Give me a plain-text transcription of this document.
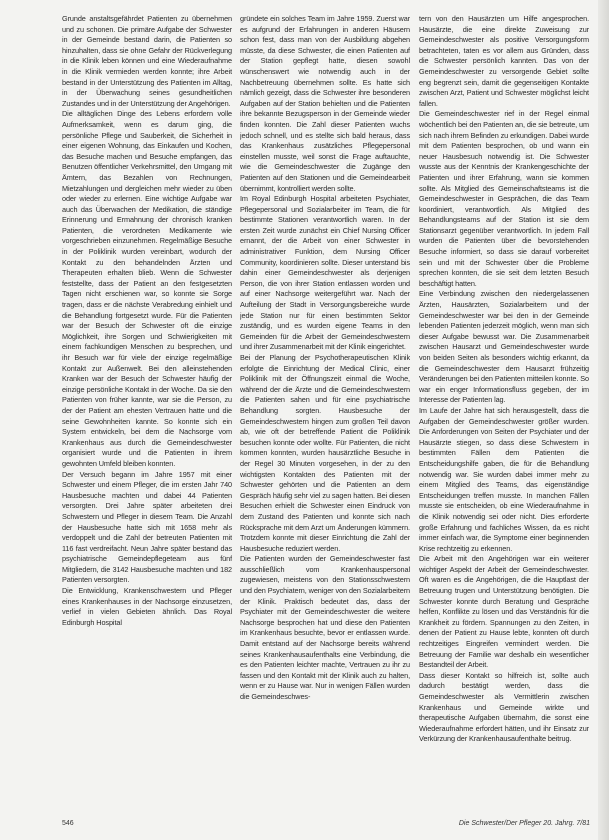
Grunde anstaltsgefährdet Patienten zu übernehmen und zu schonen. Die primäre Aufgabe der Schwester in der Gemeinde bestand darin, die Patienten so hinzuhalten, dass sie ohne Gefahr der Rückverlegung in die Klinik leben können und eine Wiederaufnahme in die Klinik vermieden werden konnte; ihre Arbeit bestand in der Unterstützung des Patienten im Alltag, in der Überwachung seines gesundheitlichen Zustandes und in der Unterstützung der Angehörigen.

Die alltäglichen Dinge des Lebens erfordern volle Aufmerksamkeit, wenn es darum ging, die persönliche Pflege und Sauberkeit, die Sicherheit in einer eigenen Wohnung, das Einkaufen und Kochen, das Besuche machen und Besuche empfangen, das Benutzen öffentlicher Verkehrsmittel, den Umgang mit Ämtern, das Bezahlen von Rechnungen, Mietzahlungen und dergleichen mehr wieder zu üben oder wieder zu erlernen. Eine wichtige Aufgabe war auch das Überwachen der Medikation, die ständige Erinnerung und Ermahnung der chronisch kranken Patienten, die verordneten Medikamente wie vorgeschrieben einzunehmen. Regelmäßige Besuche in der Poliklinik wurden vereinbart, wodurch der Kontakt zu den behandelnden Ärzten und Therapeuten erhalten blieb. Wenn die Schwester feststellte, dass der Patient an den festgesetzten Tagen nicht erschienen war, so konnte sie Sorge tragen, dass er die nächste Verabredung einhielt und die Behandlung fortgesetzt wurde. Für die Patienten war der Besuch der Schwester oft die einzige Möglichkeit, ihre Sorgen und Schwierigkeiten mit einem fachkundigen Menschen zu besprechen, und ihr Besuch war für viele der einzige regelmäßige Kontakt zur Außenwelt. Bei den alleinstehenden Kranken war der Besuch der Schwester häufig der einzige persönliche Kontakt in der Woche. Da sie den Patienten von früher kannte, war sie die Person, zu der der Patient am ehesten Vertrauen hatte und die seine Gewohnheiten kannte. So konnte sich ein System entwickeln, bei dem die Nachsorge vom Krankenhaus aus durch die Gemeindeschwester organisiert wurde und die Patienten in ihrem gewohnten Umfeld bleiben konnten.

Der Versuch begann im Jahre 1957 mit einer Schwester und einem Pfleger, die im ersten Jahr 740 Hausbesuche machten und dabei 44 Patienten versorgten. Drei Jahre später arbeiteten drei Schwestern und Pfleger in diesem Team. Die Anzahl der Hausbesuche hatte sich mit 1658 mehr als verdoppelt und die Zahl der betreuten Patienten mit 116 fast verdreifacht. Neun Jahre später bestand das psychiatrische Gemeindepflegeteam aus fünf Mitgliedern, die 3142 Hausbesuche machten und 182 Patienten versorgten.

Die Entwicklung, Krankenschwestern und Pfleger eines Krankenhauses in der Nachsorge einzusetzen, verlief in vielen Gebieten ähnlich. Das Royal Edinburgh Hospital

gründete ein solches Team im Jahre 1959. Zuerst war es aufgrund der Erfahrungen in anderen Häusern schon fest, dass man von der Ausbildung abgehen müsste, da diese Schwester, die einen Patienten auf der Station gepflegt hatte, diesen sowohl wünschenswert wie notwendig auch in der Nachbetreuung übernehmen sollte. Es hatte sich nämlich gezeigt, dass die Schwester ihre besonderen Aufgaben auf der Station behielten und die Patienten ihre bekannte Bezugsperson in der Gemeinde wieder finden konnten. Die Zahl dieser Patienten wuchs jedoch schnell, und es stellte sich bald heraus, dass das Krankenhaus zusätzliches Pflegepersonal einstellen musste, weil sonst die Frage auftauchte, wie die Gemeindeschwester die Zugänge den Patienten auf den Stationen und die Gemeindearbeit übernimmt, kontrolliert werden sollte.

Im Royal Edinburgh Hospital arbeiteten Psychiater, Pflegepersonal und Sozialarbeiter im Team, die für bestimmte Stationen verantwortlich waren. In der ersten Zeit wurde zunächst ein Chief Nursing Officer ernannt, der die Arbeit von einer Schwester in administrativer Funktion, dem Nursing Officer Community, koordinieren sollte. Dieser unterstand bis dahin einer Gemeindeschwester als derjenigen Person, die von ihrer Station entlassen worden und auf einer Nachsorge weitergeführt war. Nach der Aufteilung der Stadt in Versorgungsbereiche wurde jede Station nur für einen bestimmten Sektor zuständig, und es wurden eigene Teams in den Gemeinden für die Arbeit der Gemeindeschwestern und ihrer Zusammenarbeit mit der Klinik eingerichtet.

Bei der Planung der Psychotherapeutischen Klinik erfolgte die Einrichtung der Medical Clinic, einer Poliklinik mit der Öffnungszeit einmal die Woche, während der die Ärzte und die Gemeindeschwestern die Patienten sahen und für eine psychiatrische Behandlung sorgten. Hausbesuche der Gemeindeschwestern hingen zum großen Teil davon ab, wie oft der betreffende Patient die Poliklinik besuchen konnte oder wollte. Für Patienten, die nicht kommen konnten, wurden hausärztliche Besuche in der Regel 30 Minuten vorgesehen, in der zu den wichtigsten Kontakten des Patienten mit der Schwester gehörten und die Patienten an dem Gespräch häufig sehr viel zu sagen hatten. Bei diesen Besuchen erhielt die Schwester einen Eindruck von dem Zustand des Patienten und konnte sich nach Rücksprache mit dem Arzt um Änderungen kümmern. Trotzdem konnte mit dieser Einrichtung die Zahl der Hausbesuche reduziert werden.

Die Patienten wurden der Gemeindeschwester fast ausschließlich vom Krankenhauspersonal zugewiesen, meistens von den Stationsschwestern und den Psychiatern, weniger von den Sozialarbeitern der Klinik. Praktisch bedeutet das, dass der Psychiater mit der Gemeindeschwester die weitere Nachsorge besprochen hat und diese den Patienten im Krankenhaus besuchte, bevor er entlassen wurde. Damit entstand auf der Nachsorge bereits während seines Krankenhausaufenthalts eine Verbindung, die es den Patienten leichter machte, Vertrauen zu ihr zu fassen und den Kontakt mit der Klinik auch zu halten, wenn er zu Hause war. Nur in wenigen Fällen wurden die Gemeindeschwes-

tern von den Hausärzten um Hilfe angesprochen. Hausärzte, die eine direkte Zuweisung zur Gemeindeschwester als positive Versorgungsform betrachteten, taten es vor allem aus Gründen, dass die Schwester persönlich kannten. Das von der Gemeindeschwester zu versorgende Gebiet sollte eng begrenzt sein, damit die gegenseitigen Kontakte zwischen Arzt, Patient und Schwester möglichst leicht fallen.

Die Gemeindeschwester rief in der Regel einmal wöchentlich bei den Patienten an, die sie betreute, um sich nach ihrem Befinden zu erkundigen. Dabei wurde mit dem Patienten besprochen, ob und wann ein neuer Hausbesuch notwendig ist. Die Schwester wusste aus der Kenntnis der Krankengeschichte der Patienten und ihrer Erfahrung, wann sie kommen sollte. Als Mitglied des Gemeinschaftsteams ist die Gemeindeschwester in Gesprächen, die das Team koordiniert, verantwortlich. Als Mitglied des Behandlungsteams auf der Station ist sie dem Stationsarzt gegenüber verantwortlich. In jedem Fall wurden die Patienten über die bevorstehenden Besuche informiert, so dass sie darauf vorbereitet sein und mit der Schwester über die Probleme sprechen konnten, die sie seit dem letzten Besuch beschäftigt hatten.

Eine Verbindung zwischen den niedergelassenen Ärzten, Hausärzten, Sozialarbeitern und der Gemeindeschwester war bei den in der Gemeinde lebenden Patienten jederzeit möglich, wenn man sich dieser Aufgabe bewusst war. Die Zusammenarbeit zwischen Hausarzt und Gemeindeschwester wurde von beiden Seiten als besonders wichtig erkannt, da die Gemeindeschwester dem Hausarzt frühzeitig Veränderungen bei den Patienten mitteilen konnte. So war ein enger Informationsfluss gegeben, der im Interesse der Patienten lag.

Im Laufe der Jahre hat sich herausgestellt, dass die Aufgaben der Gemeindeschwester größer wurden. Die Anforderungen von Seiten der Psychiater und der Hausärzte stiegen, so dass diese Schwestern in bestimmten Fällen dem Patienten die Entscheidungshilfe gaben, die für die Behandlung notwendig war. Sie wurden dabei immer mehr zu einem Mitglied des Teams, das eigenständige Entscheidungen treffen musste. In manchen Fällen musste sie entscheiden, ob eine Wiederaufnahme in die Klinik notwendig sei oder nicht. Dies erforderte große Erfahrung und fachliches Wissen, da es nicht immer einfach war, die Symptome einer beginnenden Krise rechtzeitig zu erkennen.

Die Arbeit mit den Angehörigen war ein weiterer wichtiger Aspekt der Arbeit der Gemeindeschwester. Oft waren es die Angehörigen, die die Hauptlast der Betreuung trugen und Unterstützung benötigten. Die Schwester konnte durch Beratung und Gespräche helfen, Konflikte zu lösen und das Verständnis für die Krankheit zu fördern. Spannungen zu den Zeiten, in denen der Patient zu Hause lebte, konnten oft durch rechtzeitiges Eingreifen vermindert werden. Die Betreuung der Familie war deshalb ein wesentlicher Bestandteil der Arbeit.

Dass dieser Kontakt so hilfreich ist, sollte auch dadurch bestätigt werden, dass die Gemeindeschwester als Vermittlerin zwischen Krankenhaus und Gemeinde wirkte und therapeutische Aufgaben übernahm, die sonst eine Wiederaufnahme erfordert hätten, und ihr Einsatz zur Verkürzung der Krankenhausaufenthalte beitrug.

546	Die Schwester/Der Pfleger 20. Jahrg. 7/81
